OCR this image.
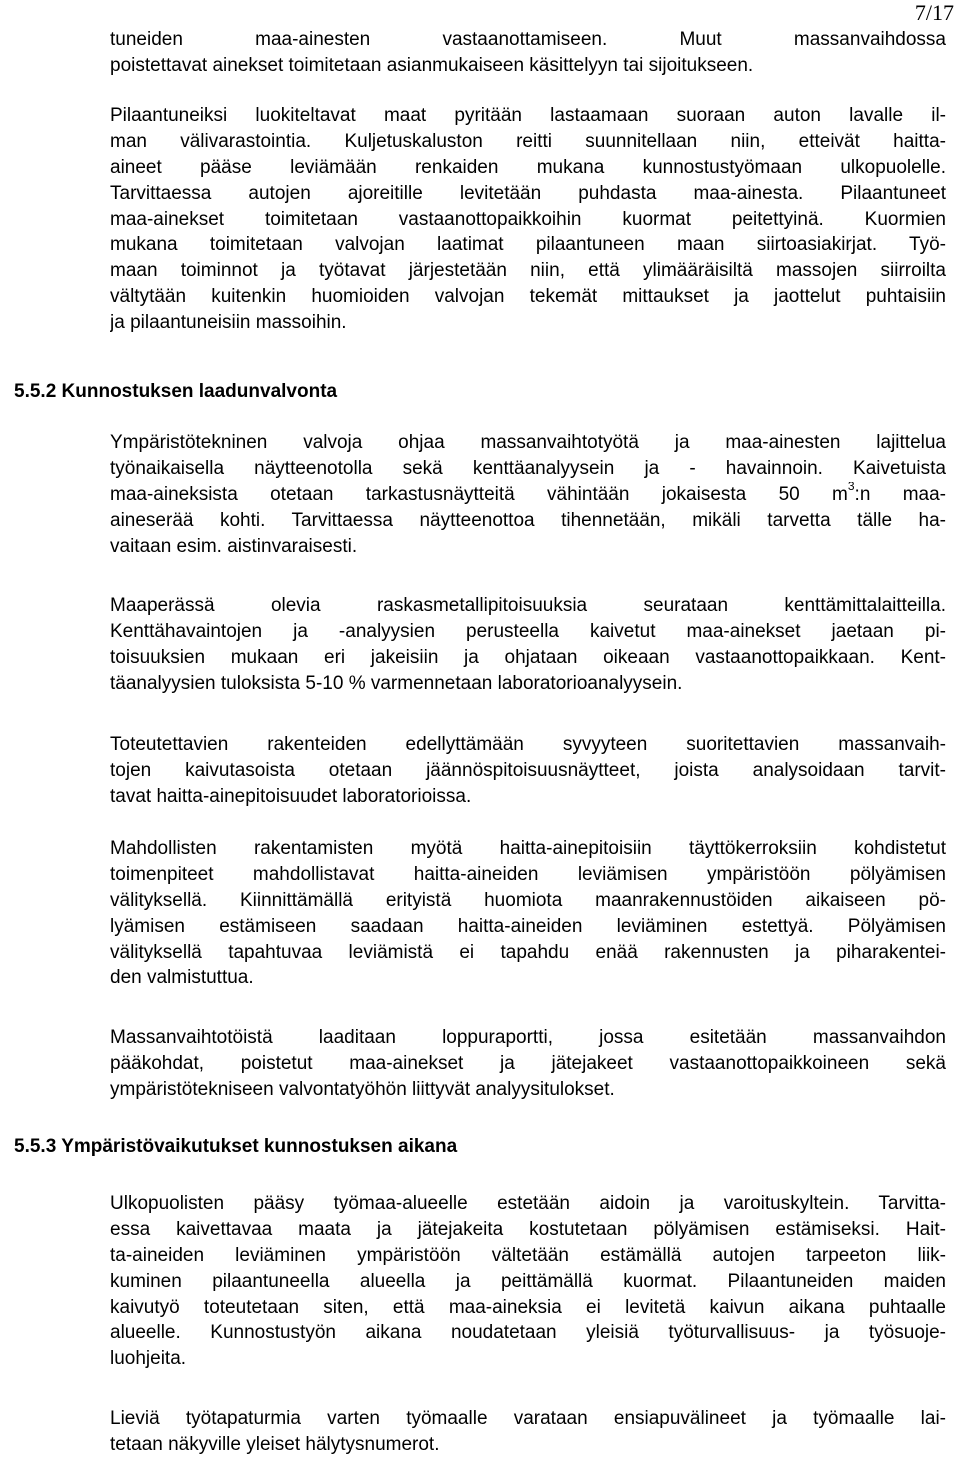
7/17
tuneiden maa-ainesten vastaanottamiseen. Muut massanvaihdossa
poistettavat ainekset toimitetaan asianmukaiseen käsittelyyn tai sijoitukseen.
Pilaantuneiksi luokiteltavat maat pyritään lastaamaan suoraan auton lavalle il-
man välivarastointia. Kuljetuskaluston reitti suunnitellaan niin, etteivät haitta-
aineet pääse leviämään renkaiden mukana kunnostustyömaan ulkopuolelle.
Tarvittaessa autojen ajoreitille levitetään puhdasta maa-ainesta. Pilaantuneet
maa-ainekset toimitetaan vastaanottopaikkoihin kuormat peitettyinä. Kuormien
mukana toimitetaan valvojan laatimat pilaantuneen maan siirtoasiakirjat. Työ-
maan toiminnot ja työtavat järjestetään niin, että ylimääräisiltä massojen siirroilta
vältytään kuitenkin huomioiden valvojan tekemät mittaukset ja jaottelut puhtaisiin
ja pilaantuneisiin massoihin.
5.5.2 Kunnostuksen laadunvalvonta
Ympäristötekninen valvoja ohjaa massanvaihtotyötä ja maa-ainesten lajittelua
työnaikaisella näytteenotolla sekä kenttäanalyysein ja - havainnoin. Kaivetuista
maa-aineksista otetaan tarkastusnäytteitä vähintään jokaisesta 50 $m^3:n$ maa-
aineserää kohti. Tarvittaessa näytteenottoa tihennetään, mikäli tarvetta tälle ha-
vaitaan esim. aistinvaraisesti.
Maaperässä olevia raskasmetallipitoisuuksia seurataan kenttämittalaitteilla.
Kenttähavaintojen ja -analyysien perusteella kaivetut maa-ainekset jaetaan pi-
toisuuksien mukaan eri jakeisiin ja ohjataan oikeaan vastaanottopaikkaan. Kent-
täanalyysien tuloksista 5-10 % varmennetaan laboratorioanalyysein.
Toteutettavien rakenteiden edellyttämään syvyyteen suoritettavien massanvaih-
tojen kaivutasoista otetaan jäännöspitoisuusnäytteet, joista analysoidaan tarvit-
tavat haitta-ainepitoisuudet laboratorioissa.
Mahdollisten rakentamisten myötä haitta-ainepitoisiin täyttökerroksiin kohdistetut
toimenpiteet mahdollistavat haitta-aineiden leviämisen ympäristöön pölyämisen
välityksellä. Kiinnittämällä erityistä huomiota maanrakennustöiden aikaiseen pö-
lyämisen estämiseen saadaan haitta-aineiden leviäminen estettyä. Pölyämisen
välityksellä tapahtuvaa leviämistä ei tapahdu enää rakennusten ja piharakentei-
den valmistuttua.
Massanvaihtotöistä laaditaan loppuraportti, jossa esitetään massanvaihdon
pääkohdat, poistetut maa-ainekset ja jätejakeet vastaanottopaikkoineen sekä
ympäristötekniseen valvontatyöhön liittyvät analyysitulokset.
5.5.3 Ympäristövaikutukset kunnostuksen aikana
Ulkopuolisten pääsy työmaa-alueelle estetään aidoin ja varoituskyltein. Tarvitta-
essa kaivettavaa maata ja jätejakeita kostutetaan pölyämisen estämiseksi. Hait-
ta-aineiden leviäminen ympäristöön vältetään estämällä autojen tarpeeton liik-
kuminen pilaantuneella alueella ja peittämällä kuormat. Pilaantuneiden maiden
kaivutyö toteutetaan siten, että maa-aineksia ei levitetä kaivun aikana puhtaalle
alueelle. Kunnostustyön aikana noudatetaan yleisiä työturvallisuus- ja työsuoje-
luohjeita.
Lieviä työtapaturmia varten työmaalle varataan ensiapuvälineet ja työmaalle lai-
tetaan näkyville yleiset hälytysnumerot.
